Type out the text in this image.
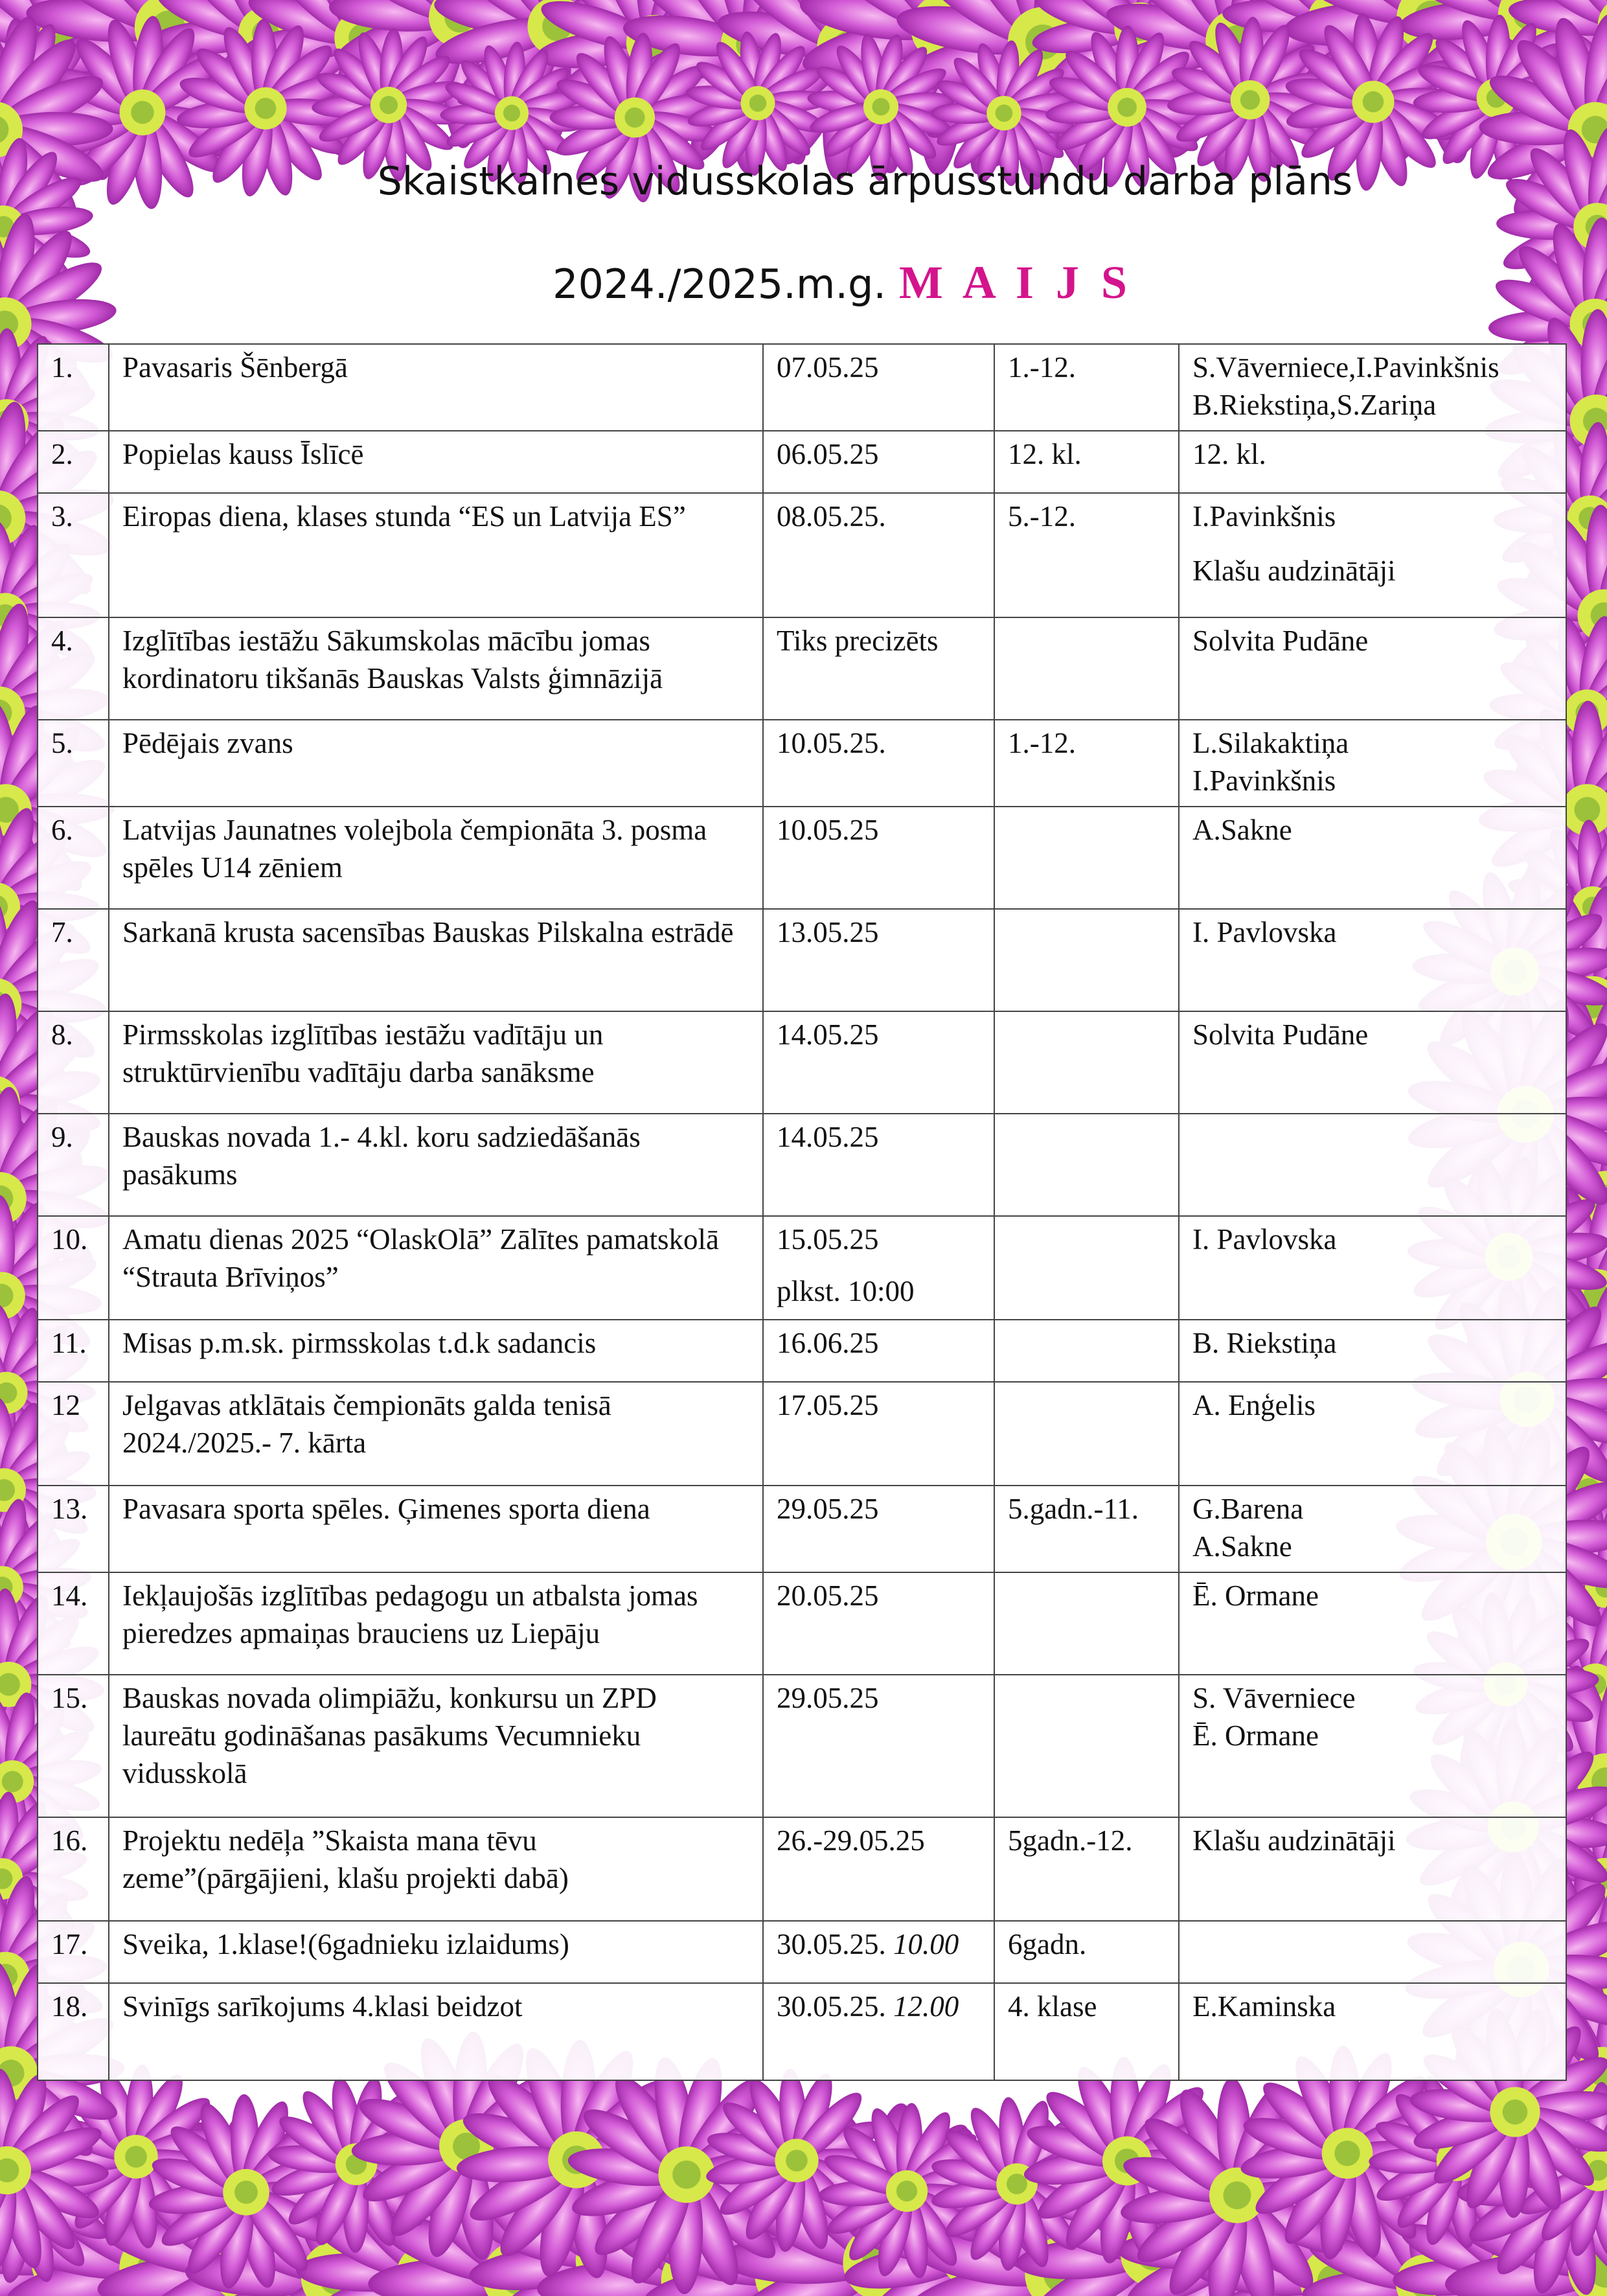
Skaistkalnes vidusskolas ārpusstundu darba plāns
2024./2025.m.g. M A I J S
1.	Pavasaris Šēnbergā	07.05.25	1.-12.	S.Vāverniece,I.Pavinkšnis
B.Riekstiņa,S.Zariņa

2.	Popielas kauss Īslīcē	06.05.25	12. kl.	12. kl.

3.	Eiropas diena, klases stunda “ES un Latvija ES”	08.05.25.	5.-12.	I.Pavinkšnis
Klašu audzinātāji

4.	Izglītības iestāžu Sākumskolas mācību jomas kordinatoru tikšanās Bauskas Valsts ģimnāzijā	Tiks precizēts		Solvita Pudāne

5.	Pēdējais zvans	10.05.25.	1.-12.	L.Silakaktiņa
I.Pavinkšnis

6.	Latvijas Jaunatnes volejbola čempionāta 3. posma spēles U14 zēniem	10.05.25		A.Sakne

7.	Sarkanā krusta sacensības Bauskas Pilskalna estrādē	13.05.25		I. Pavlovska

8.	Pirmsskolas izglītības iestāžu vadītāju un struktūrvienību vadītāju darba sanāksme	14.05.25		Solvita Pudāne

9.	Bauskas novada 1.- 4.kl. koru sadziedāšanās pasākums	14.05.25		

10.	Amatu dienas 2025 “OlaskOlā” Zālītes pamatskolā “Strauta Brīviņos”	15.05.25
plkst. 10:00		I. Pavlovska

11.	Misas p.m.sk. pirmsskolas t.d.k sadancis	16.06.25		B. Riekstiņa

12	Jelgavas atklātais čempionāts galda tenisā 2024./2025.- 7. kārta	17.05.25		A. Enģelis

13.	Pavasara sporta spēles. Ģimenes sporta diena	29.05.25	5.gadn.-11.	G.Barena
A.Sakne

14.	Iekļaujošās izglītības pedagogu un atbalsta jomas pieredzes apmaiņas brauciens uz Liepāju	20.05.25		Ē. Ormane

15.	Bauskas novada olimpiāžu, konkursu un ZPD laureātu godināšanas pasākums Vecumnieku vidusskolā	29.05.25		S. Vāverniece
Ē. Ormane

16.	Projektu nedēļa ”Skaista mana tēvu zeme”(pārgājieni, klašu projekti dabā)	26.-29.05.25	5gadn.-12.	Klašu audzinātāji

17.	Sveika, 1.klase!(6gadnieku izlaidums)	30.05.25. 10.00	6gadn.	
18.	Svinīgs sarīkojums 4.klasi beidzot	30.05.25. 12.00	4. klase	E.Kaminska
